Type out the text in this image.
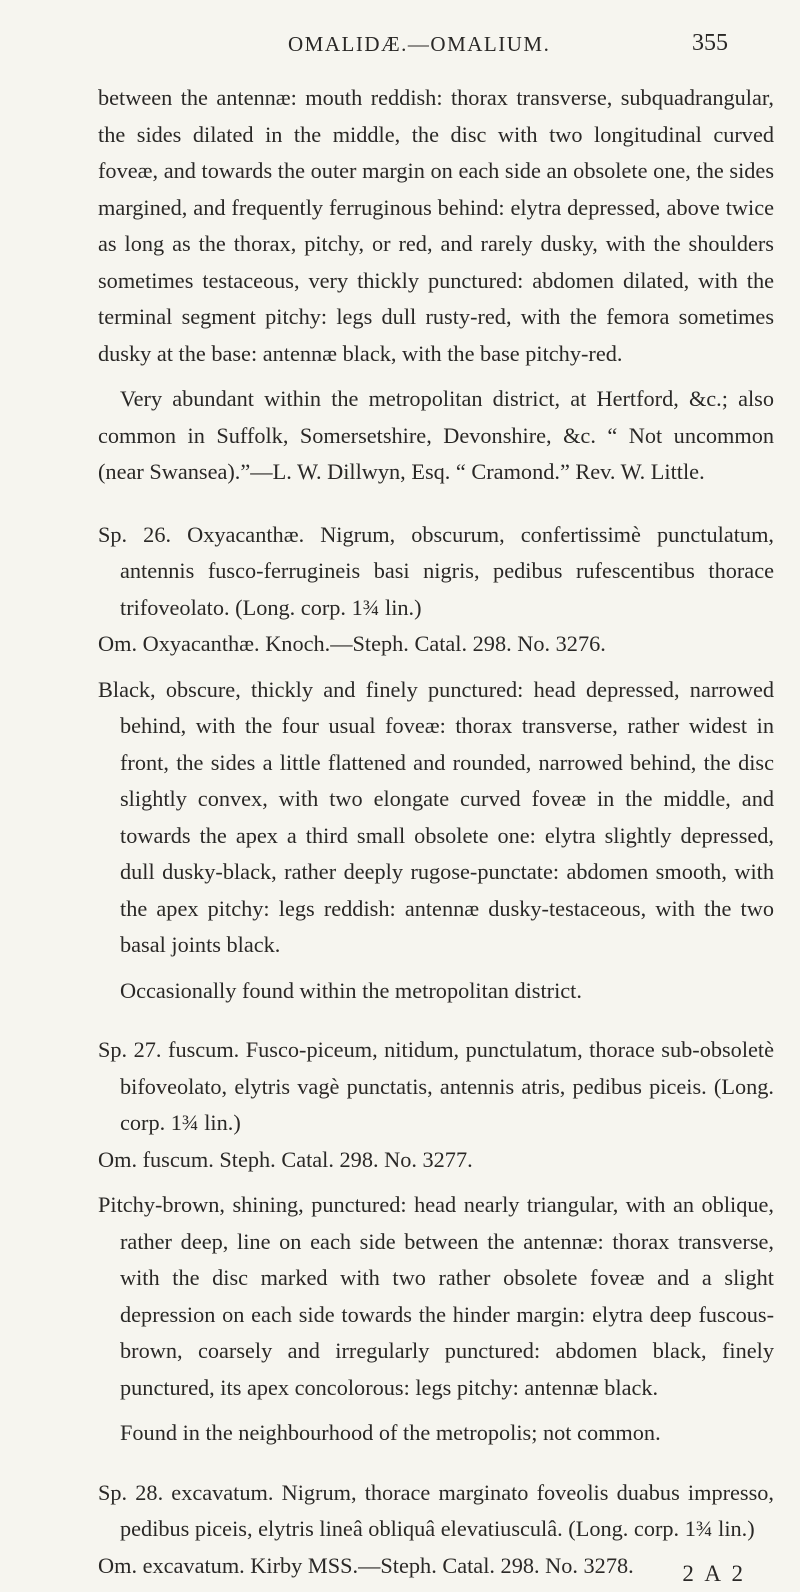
OMALIDÆ.—OMALIUM.	355

between the antennæ: mouth reddish: thorax transverse, subquadrangular, the sides dilated in the middle, the disc with two longitudinal curved foveæ, and towards the outer margin on each side an obsolete one, the sides margined, and frequently ferruginous behind: elytra depressed, above twice as long as the thorax, pitchy, or red, and rarely dusky, with the shoulders sometimes testaceous, very thickly punctured: abdomen dilated, with the terminal segment pitchy: legs dull rusty-red, with the femora sometimes dusky at the base: antennæ black, with the base pitchy-red.

Very abundant within the metropolitan district, at Hertford, &c.; also common in Suffolk, Somersetshire, Devonshire, &c. “ Not uncommon (near Swansea).”—L. W. Dillwyn, Esq. “ Cramond.” Rev. W. Little.

Sp. 26. Oxyacanthæ. Nigrum, obscurum, confertissimè punctulatum, antennis fusco-ferrugineis basi nigris, pedibus rufescentibus thorace trifoveolato. (Long. corp. 1¾ lin.)

Om. Oxyacanthæ. Knoch.—Steph. Catal. 298. No. 3276.

Black, obscure, thickly and finely punctured: head depressed, narrowed behind, with the four usual foveæ: thorax transverse, rather widest in front, the sides a little flattened and rounded, narrowed behind, the disc slightly convex, with two elongate curved foveæ in the middle, and towards the apex a third small obsolete one: elytra slightly depressed, dull dusky-black, rather deeply rugose-punctate: abdomen smooth, with the apex pitchy: legs reddish: antennæ dusky-testaceous, with the two basal joints black.

Occasionally found within the metropolitan district.

Sp. 27. fuscum. Fusco-piceum, nitidum, punctulatum, thorace sub-obsoletè bifoveolato, elytris vagè punctatis, antennis atris, pedibus piceis. (Long. corp. 1¾ lin.)

Om. fuscum. Steph. Catal. 298. No. 3277.

Pitchy-brown, shining, punctured: head nearly triangular, with an oblique, rather deep, line on each side between the antennæ: thorax transverse, with the disc marked with two rather obsolete foveæ and a slight depression on each side towards the hinder margin: elytra deep fuscous-brown, coarsely and irregularly punctured: abdomen black, finely punctured, its apex concolorous: legs pitchy: antennæ black.

Found in the neighbourhood of the metropolis; not common.

Sp. 28. excavatum. Nigrum, thorace marginato foveolis duabus impresso, pedibus piceis, elytris lineâ obliquâ elevatiusculâ. (Long. corp. 1¾ lin.)

Om. excavatum. Kirby MSS.—Steph. Catal. 298. No. 3278. 2 A 2
